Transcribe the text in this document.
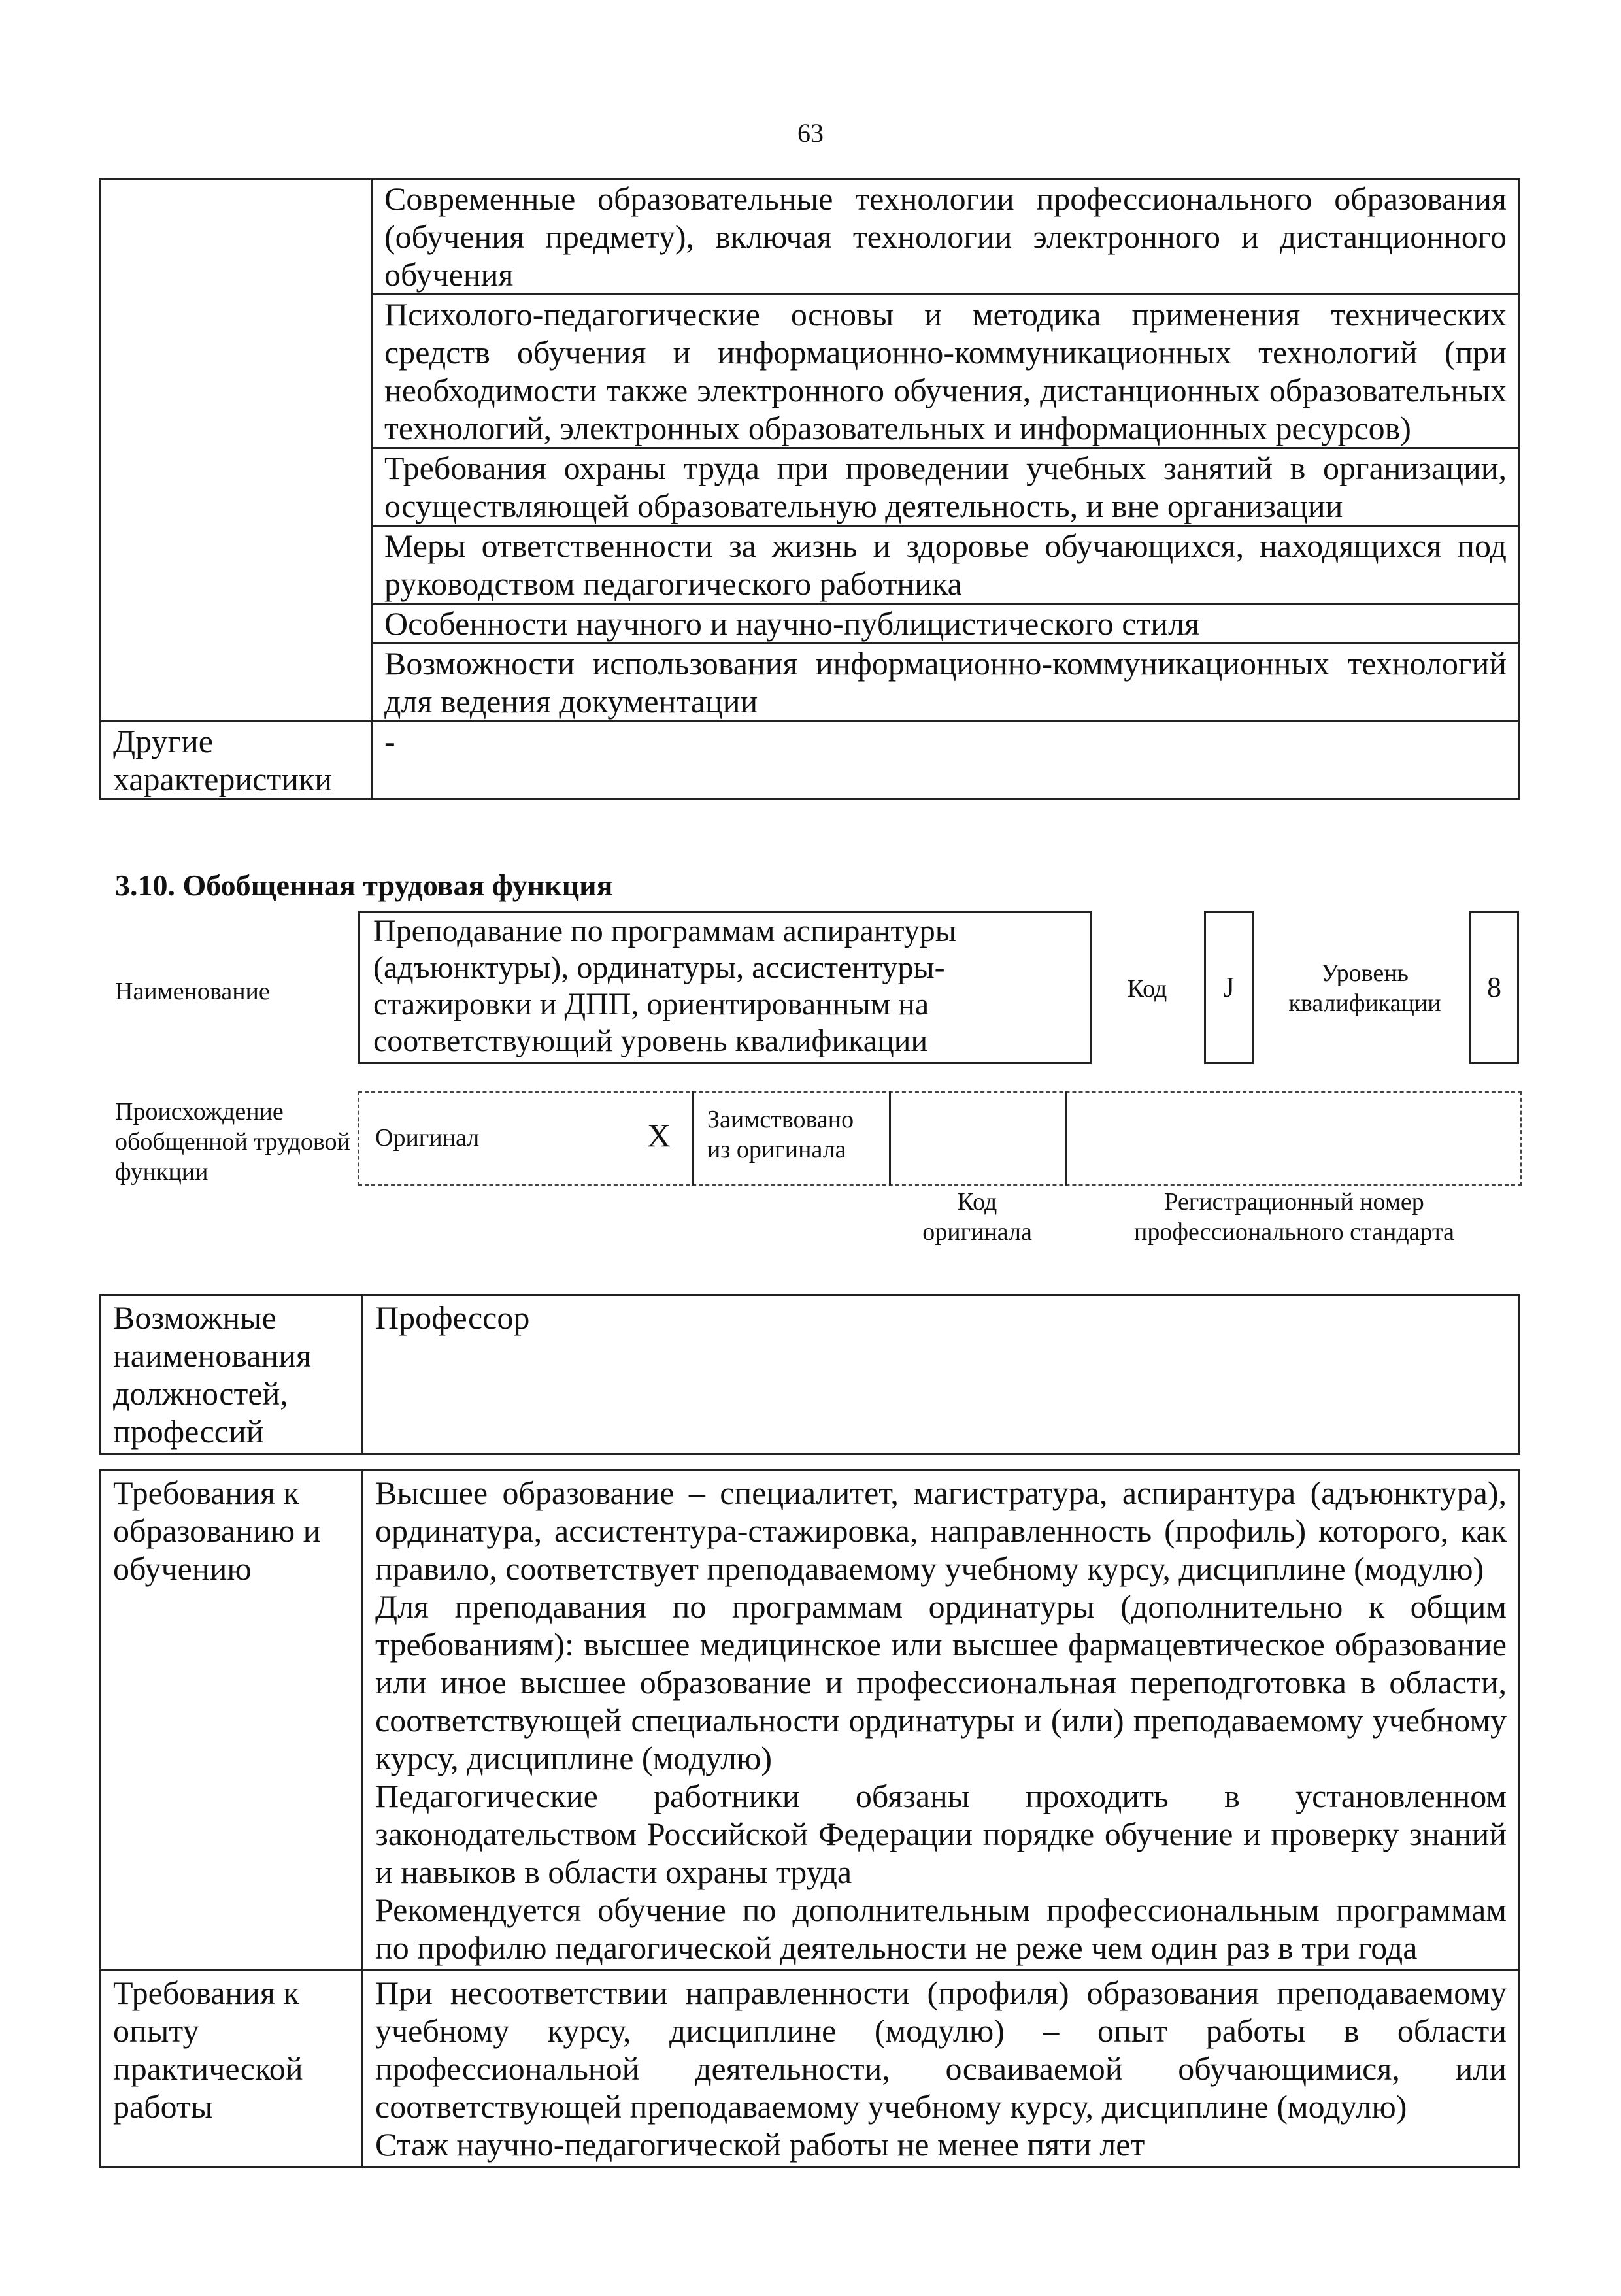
63
	Современные образовательные технологии профессионального образования (обучения предмету), включая технологии электронного и дистанционного обучения
	Психолого-педагогические основы и методика применения технических средств обучения и информационно-коммуникационных технологий (при необходимости также электронного обучения, дистанционных образовательных технологий, электронных образовательных и информационных ресурсов)
	Требования охраны труда при проведении учебных занятий в организации, осуществляющей образовательную деятельность, и вне организации
	Меры ответственности за жизнь и здоровье обучающихся, находящихся под руководством педагогического работника
	Особенности научного и научно-публицистического стиля
	Возможности использования информационно-коммуникационных технологий для ведения документации
Другие характеристики	-
3.10. Обобщенная трудовая функция
Наименование
Преподавание по программам аспирантуры (адъюнктуры), ординатуры, ассистентуры-стажировки и ДПП, ориентированным на соответствующий уровень квалификации
Код	J	Уровень квалификации	8
Происхождение обобщенной трудовой функции
Оригинал	X Заимствовано из оригинала
Код оригинала
Регистрационный номер профессионального стандарта
Возможные наименования должностей, профессий	Профессор
Требования к образованию и обучению	Высшее образование – специалитет, магистратура, аспирантура (адъюнктура), ординатура, ассистентура-стажировка, направленность (профиль) которого, как правило, соответствует преподаваемому учебному курсу, дисциплине (модулю)

Для преподавания по программам ординатуры (дополнительно к общим требованиям): высшее медицинское или высшее фармацевтическое образование или иное высшее образование и профессиональная переподготовка в области, соответствующей специальности ординатуры и (или) преподаваемому учебному курсу, дисциплине (модулю)

Педагогические работники обязаны проходить в установленном законодательством Российской Федерации порядке обучение и проверку знаний и навыков в области охраны труда

Рекомендуется обучение по дополнительным профессиональным программам по профилю педагогической деятельности не реже чем один раз в три года

Требования к опыту практической работы	При несоответствии направленности (профиля) образования преподаваемому учебному курсу, дисциплине (модулю) – опыт работы в области профессиональной деятельности, осваиваемой обучающимися, или соответствующей преподаваемому учебному курсу, дисциплине (модулю)

Стаж научно-педагогической работы не менее пяти лет
